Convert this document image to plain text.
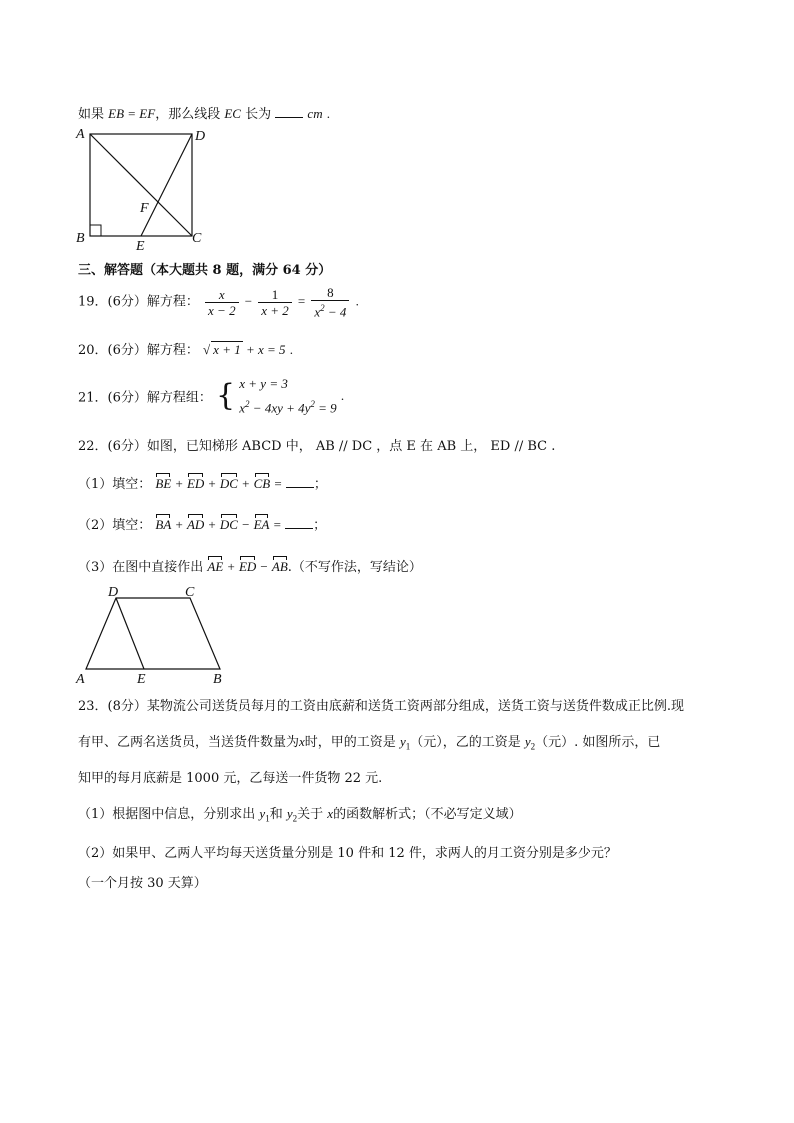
如果 EB = EF，那么线段 EC 长为	cm .
A	D
B	C
F
E
三、解答题（本大题共 8 题，满分 64 分）
19．(6分）解方程： $\frac{x}{x - 2} - \frac{1}{x + 2} = \frac{8}{x^2 - 4}$ .
20．(6分）解方程： √ x + 1 + x = 5 .
21．(6分）解方程组： { x + y = 3
$x^2 - 4xy + 4y^2 = 9$
.
22．(6分）如图，已知梯形 ABCD 中， AB // DC ，点 E 在 AB 上， ED // BC .
（1）填空： BE + ED + DC + CB = ；
（2）填空： BA + AD + DC − EA = ；
（3）在图中直接作出 AE + ED − AB.（不写作法，写结论）
D	C
A	E	B
23．(8分）某物流公司送货员每月的工资由底薪和送货工资两部分组成，送货工资与送货件数成正比例.现
有甲、乙两名送货员，当送货件数量为x时，甲的工资是 $y_1$（元），乙的工资是 $y_2$（元）. 如图所示，已
知甲的每月底薪是 1000 元，乙每送一件货物 22 元.
（1）根据图中信息，分别求出 $y_1$和 $y_2$关于 x的函数解析式；（不必写定义域）
（2）如果甲、乙两人平均每天送货量分别是 10 件和 12 件，求两人的月工资分别是多少元？
（一个月按 30 天算）
